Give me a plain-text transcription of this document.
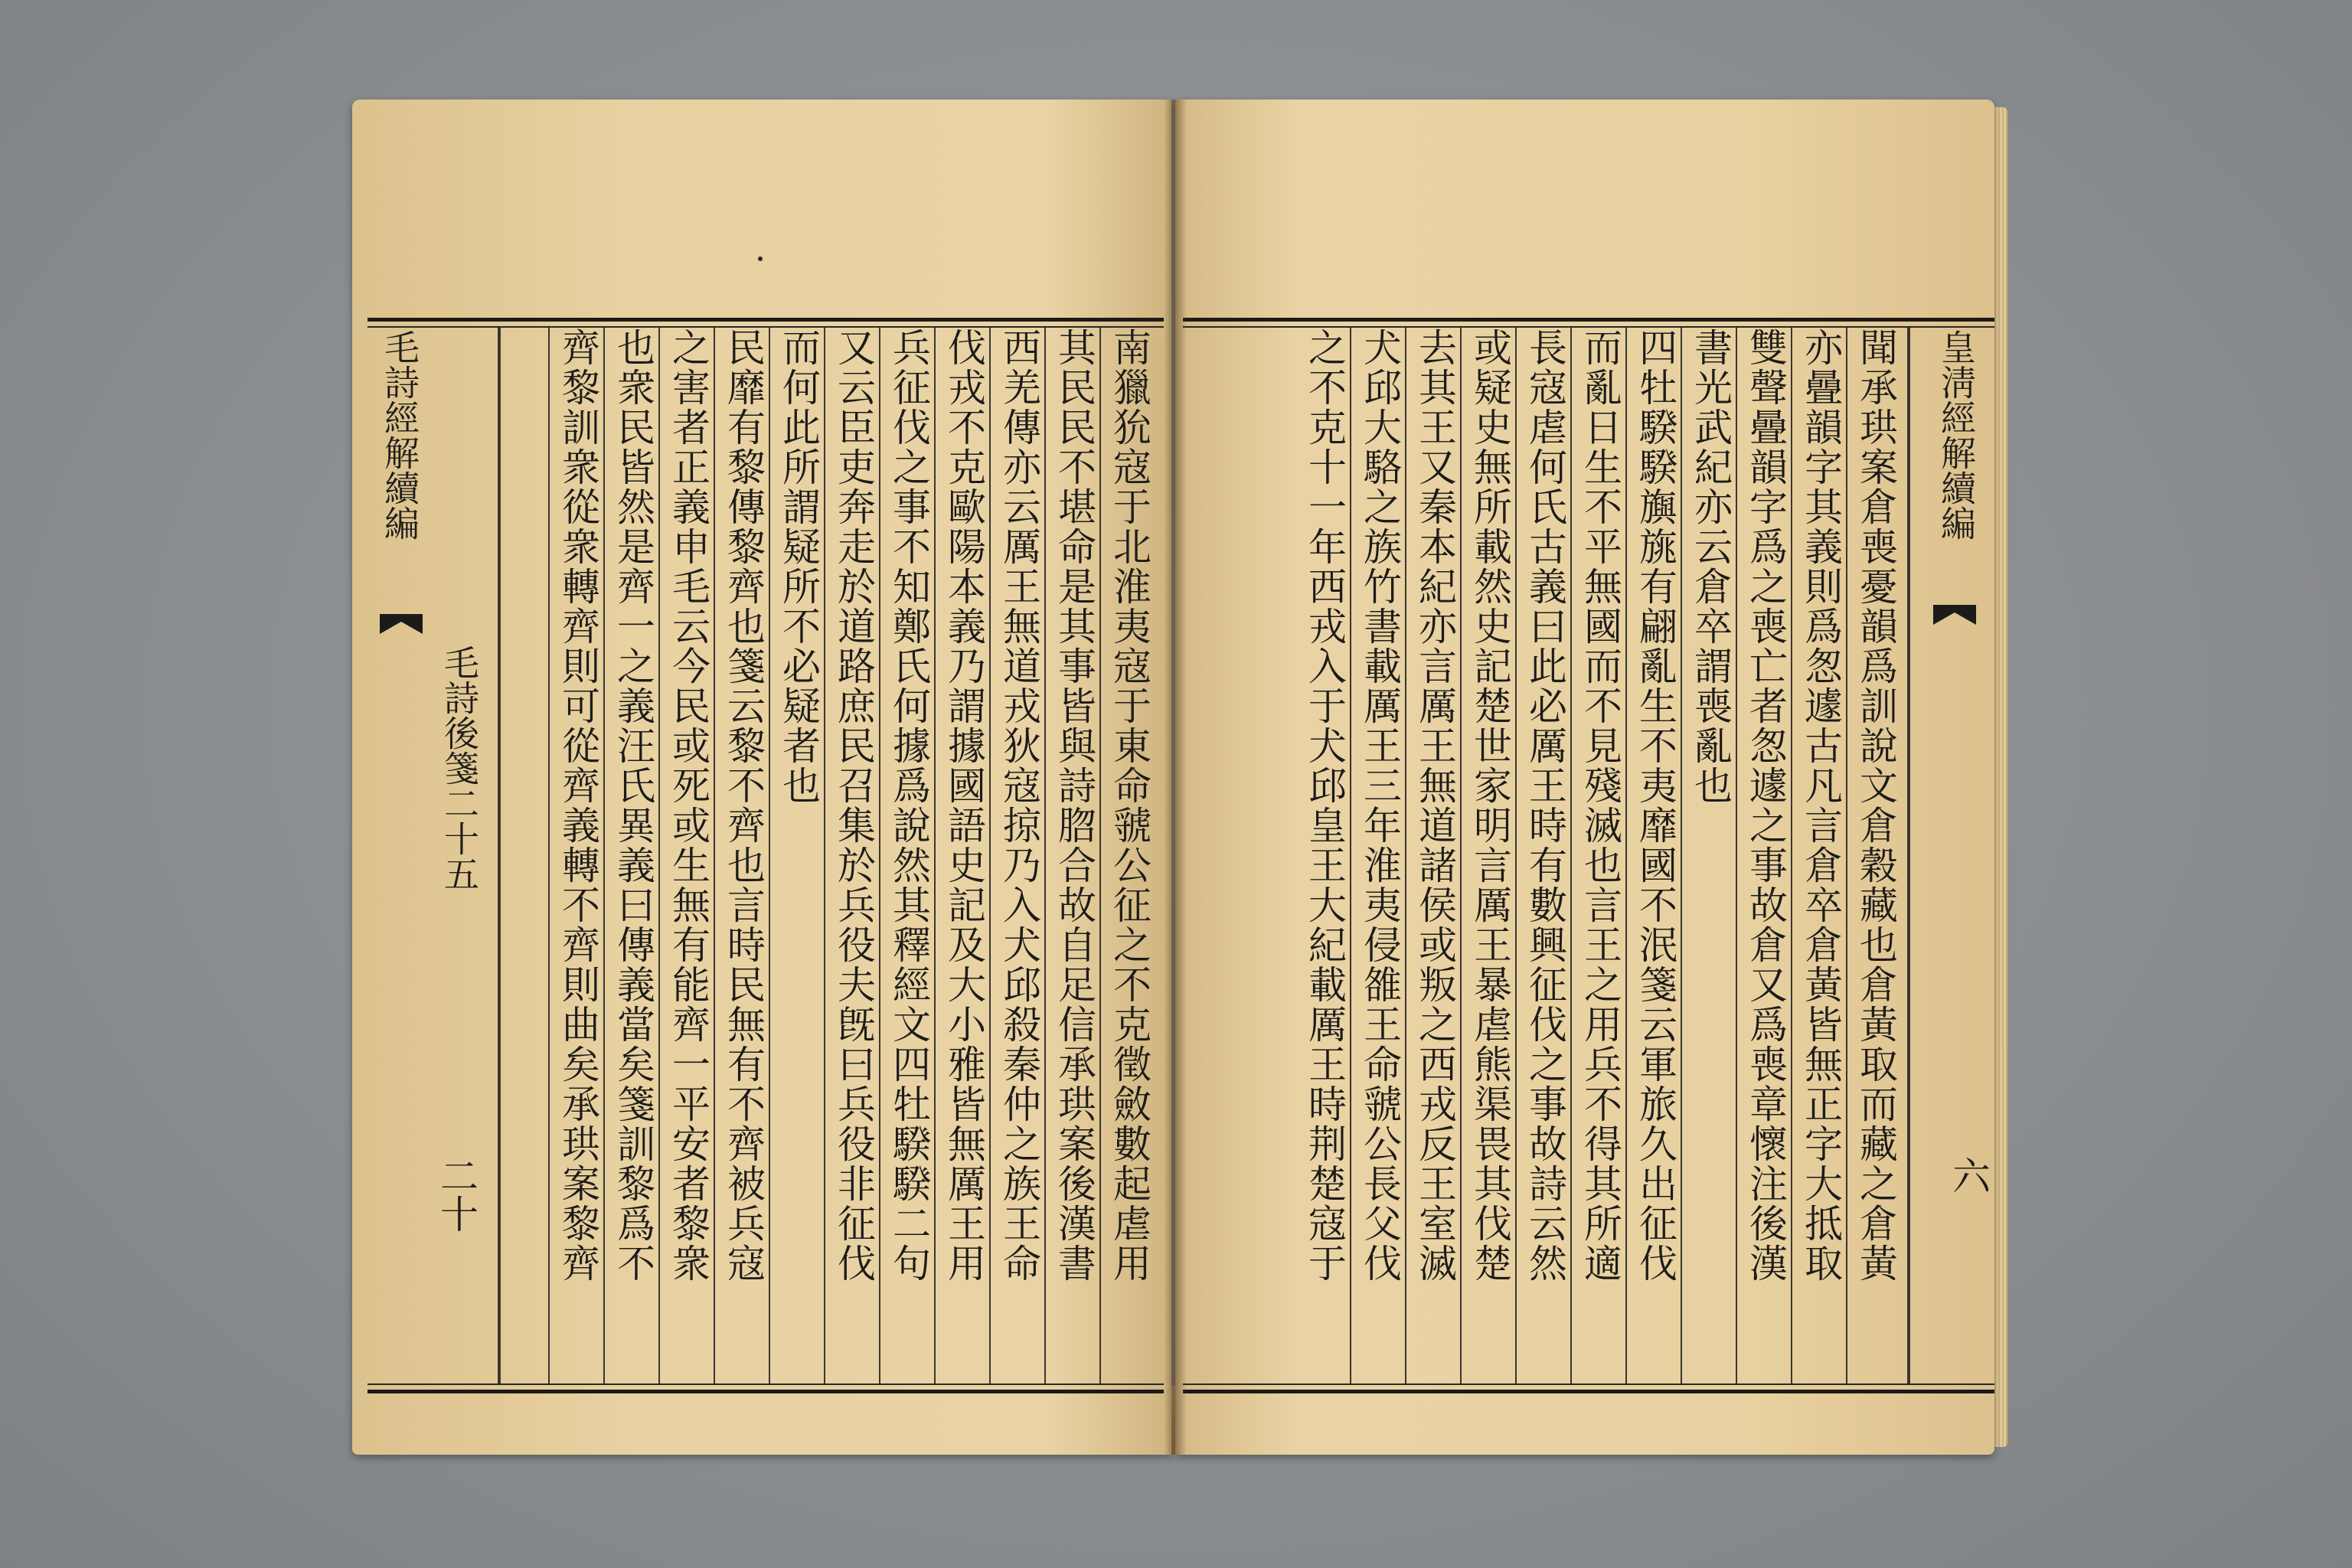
南獵狁寇于北淮夷寇于東命虢公征之不克徵斂數起虐用
其民民不堪命是其事皆與詩脗合故自足信承珙案後漢書
西羌傳亦云厲王無道戎狄寇掠乃入犬邱殺秦仲之族王命
伐戎不克歐陽本義乃謂據國語史記及大小雅皆無厲王用
兵征伐之事不知鄭氏何據爲說然其釋經文四牡騤騤二句
又云臣吏奔走於道路庶民召集於兵役夫旣曰兵役非征伐
而何此所謂疑所不必疑者也
民靡有黎傳黎齊也箋云黎不齊也言時民無有不齊被兵寇
之害者正義申毛云今民或死或生無有能齊一平安者黎衆
也衆民皆然是齊一之義汪氏異義曰傳義當矣箋訓黎爲不
齊黎訓衆從衆轉齊則可從齊義轉不齊則曲矣承珙案黎齊
毛詩經解續編
毛詩後箋二十五
二十	聞承珙案倉喪憂韻爲訓說文倉穀藏也倉黃取而藏之倉黃
亦曡韻字其義則爲怱遽古凡言倉卒倉黃皆無正字大抵取
雙聲曡韻字爲之喪亡者怱遽之事故倉又爲喪章懷注後漢
書光武紀亦云倉卒謂喪亂也
四牡騤騤旟旐有翩亂生不夷靡國不泯箋云軍旅久出征伐
而亂日生不平無國而不見殘滅也言王之用兵不得其所適
長寇虐何氏古義曰此必厲王時有數興征伐之事故詩云然
或疑史無所載然史記楚世家明言厲王暴虐熊渠畏其伐楚
去其王又秦本紀亦言厲王無道諸侯或叛之西戎反王室滅
犬邱大駱之族竹書載厲王三年淮夷侵雒王命虢公長父伐
之不克十一年西戎入于犬邱皇王大紀載厲王時荆楚寇于	皇淸經解續編
六
